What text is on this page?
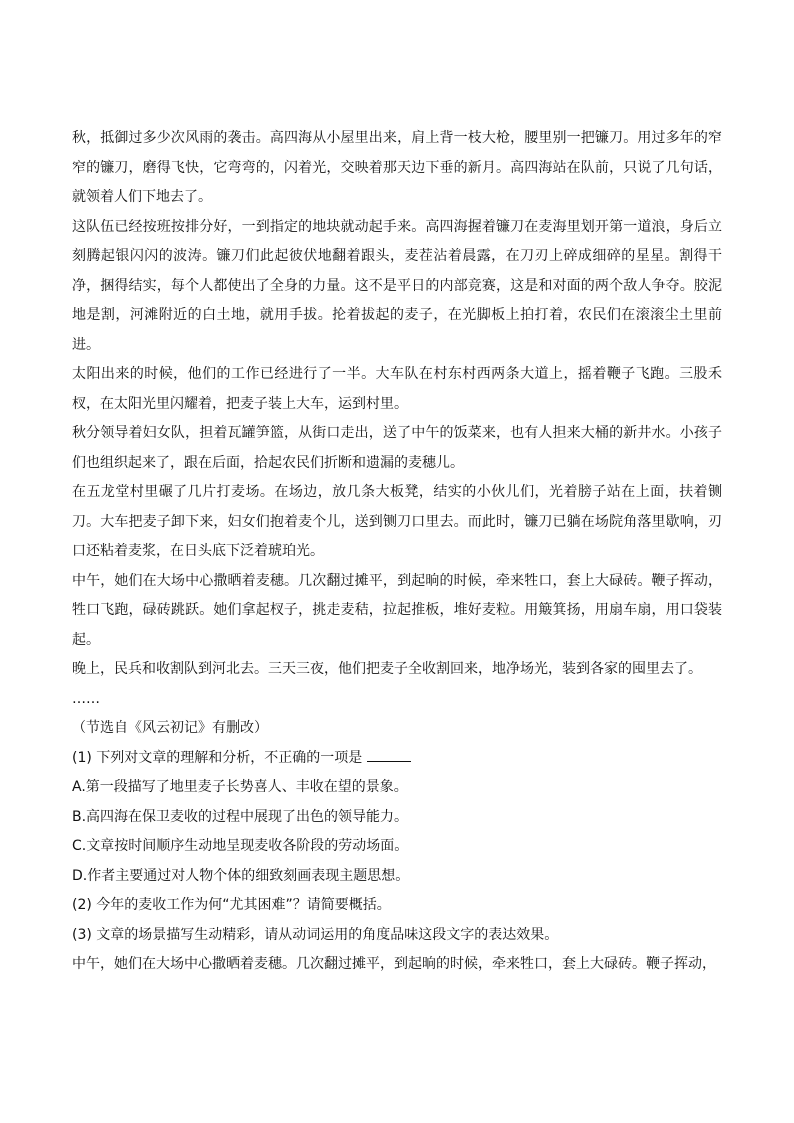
秋，抵御过多少次风雨的袭击。高四海从小屋里出来，肩上背一枝大枪，腰里别一把镰刀。用过多年的窄窄的镰刀，磨得飞快，它弯弯的，闪着光，交映着那天边下垂的新月。高四海站在队前，只说了几句话，就领着人们下地去了。

这队伍已经按班按排分好，一到指定的地块就动起手来。高四海握着镰刀在麦海里划开第一道浪，身后立刻腾起银闪闪的波涛。镰刀们此起彼伏地翻着跟头，麦茬沾着晨露，在刀刃上碎成细碎的星星。割得干净，捆得结实，每个人都使出了全身的力量。这不是平日的内部竞赛，这是和对面的两个敌人争夺。胶泥地是割，河滩附近的白土地，就用手拔。抡着拔起的麦子，在光脚板上拍打着，农民们在滚滚尘土里前进。

太阳出来的时候，他们的工作已经进行了一半。大车队在村东村西两条大道上，摇着鞭子飞跑。三股禾杈，在太阳光里闪耀着，把麦子装上大车，运到村里。

秋分领导着妇女队，担着瓦罐笋篮，从街口走出，送了中午的饭菜来，也有人担来大桶的新井水。小孩子们也组织起来了，跟在后面，拾起农民们折断和遗漏的麦穗儿。

在五龙堂村里碾了几片打麦场。在场边，放几条大板凳，结实的小伙儿们，光着膀子站在上面，扶着铡刀。大车把麦子卸下来，妇女们抱着麦个儿，送到铡刀口里去。而此时，镰刀已躺在场院角落里歇响，刃口还粘着麦浆，在日头底下泛着琥珀光。

中午，她们在大场中心撒晒着麦穗。几次翻过摊平，到起晌的时候，牵来牲口，套上大碌砖。鞭子挥动，牲口飞跑，碌砖跳跃。她们拿起杈子，挑走麦秸，拉起推板，堆好麦粒。用簸箕扬，用扇车扇，用口袋装起。

晚上，民兵和收割队到河北去。三天三夜，他们把麦子全收割回来，地净场光，装到各家的囤里去了。

……

（节选自《风云初记》有删改）

(1) 下列对文章的理解和分析，不正确的一项是

A.第一段描写了地里麦子长势喜人、丰收在望的景象。

B.高四海在保卫麦收的过程中展现了出色的领导能力。

C.文章按时间顺序生动地呈现麦收各阶段的劳动场面。

D.作者主要通过对人物个体的细致刻画表现主题思想。

(2) 今年的麦收工作为何“尤其困难”？请简要概括。

(3) 文章的场景描写生动精彩，请从动词运用的角度品味这段文字的表达效果。

中午，她们在大场中心撒晒着麦穗。几次翻过摊平，到起晌的时候，牵来牲口，套上大碌砖。鞭子挥动，
